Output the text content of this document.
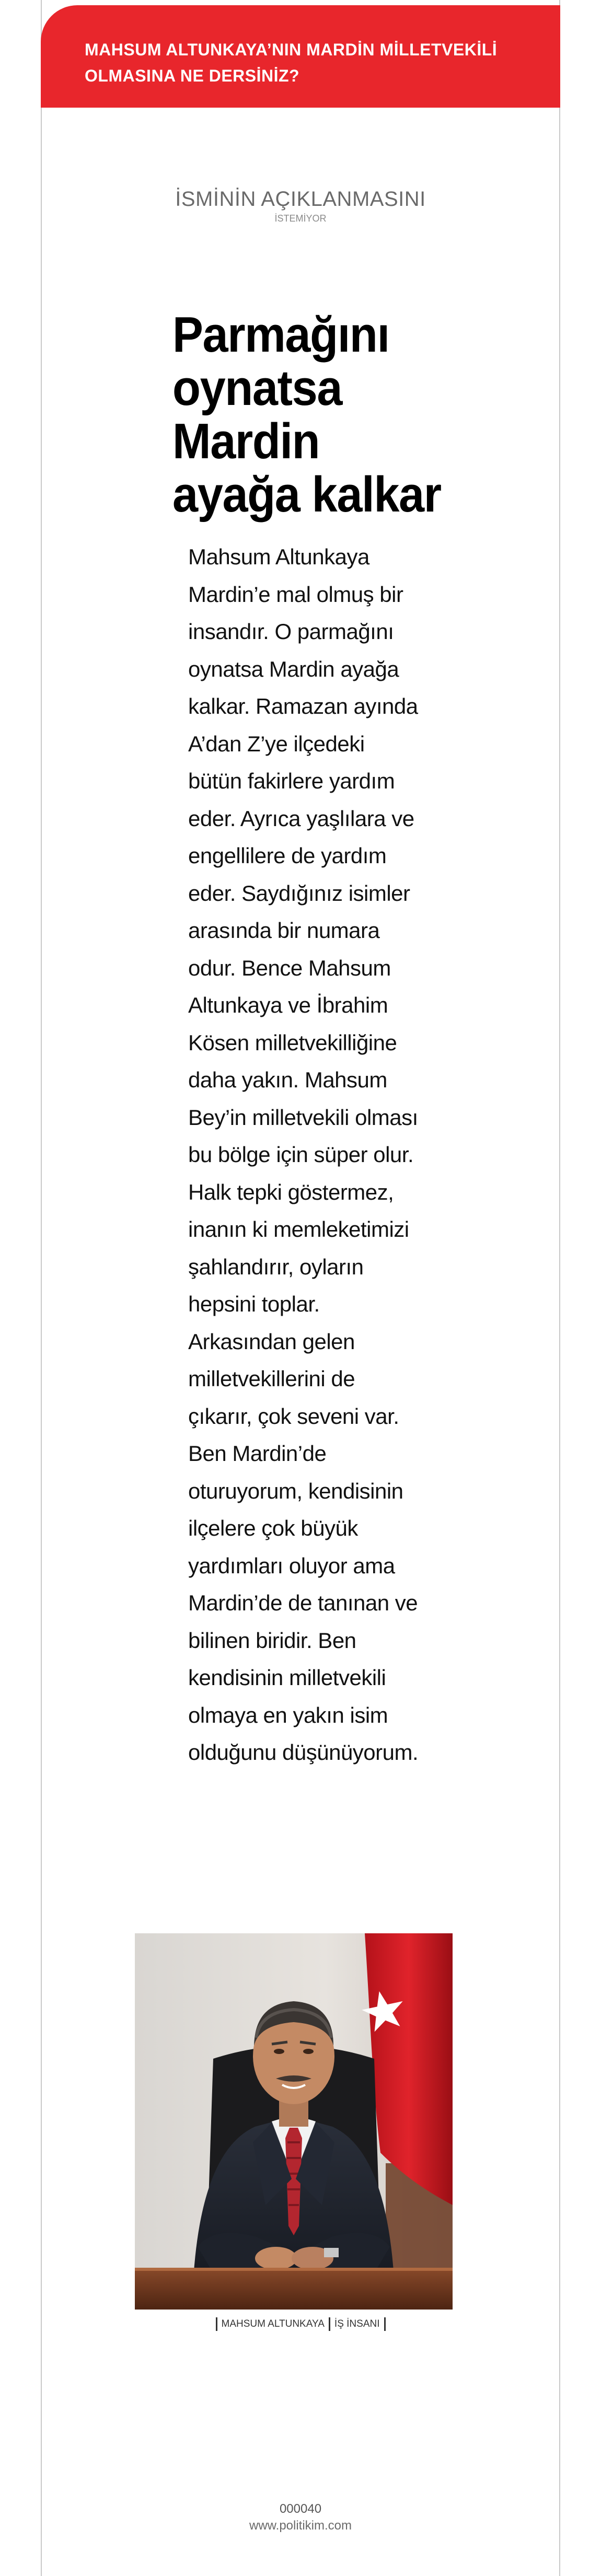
MAHSUM ALTUNKAYA’NIN MARDİN MİLLETVEKİLİ
OLMASINA NE DERSİNİZ?

İSMİNİN AÇIKLANMASINI
İSTEMİYOR
Parmağını oynatsa Mardin ayağa kalkar

Mahsum Altunkaya Mardin’e mal olmuş bir insandır. O parmağını oynatsa Mardin ayağa kalkar. Ramazan ayında A’dan Z’ye ilçedeki bütün fakirlere yardım eder. Ayrıca yaşlılara ve engellilere de yardım eder. Saydığınız isimler arasında bir numara odur. Bence Mahsum Altunkaya ve İbrahim Kösen milletvekilliğine daha yakın. Mahsum Bey’in milletvekili olması bu bölge için süper olur. Halk tepki göstermez, inanın ki memleketimizi şahlandırır, oyların hepsini toplar. Arkasından gelen milletvekillerini de çıkarır, çok seveni var. Ben Mardin’de oturuyorum, kendisinin ilçelere çok büyük yardımları oluyor ama Mardin’de de tanınan ve bilinen biridir. Ben kendisinin milletvekili olmaya en yakın isim olduğunu düşünüyorum.

MAHSUM ALTUNKAYA İŞ İNSANI
000040
www.politikim.com
